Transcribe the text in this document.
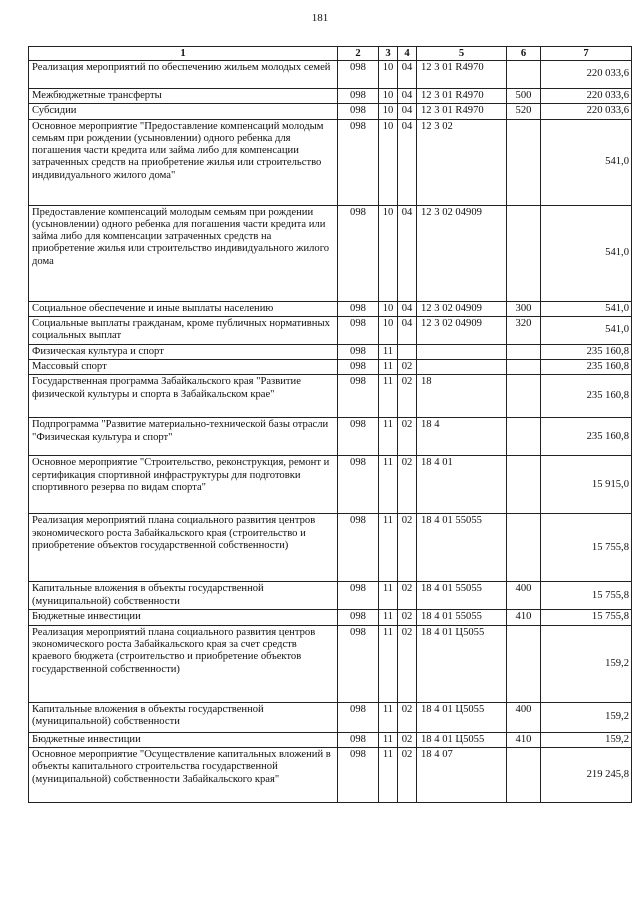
181
1	2	3	4	5	6	7
Реализация мероприятий по обеспечению жильем молодых семей	098	10	04	12 3 01 R4970		220 033,6
Межбюджетные трансферты	098	10	04	12 3 01 R4970	500	220 033,6
Субсидии	098	10	04	12 3 01 R4970	520	220 033,6
Основное мероприятие "Предоставление компенсаций молодым семьям при рождении (усыновлении) одного ребенка для погашения части кредита или займа либо для компенсации затраченных средств на приобретение жилья или строительство индивидуального жилого дома"	098	10	04	12 3 02		541,0
Предоставление компенсаций молодым семьям при рождении (усыновлении) одного ребенка для погашения части кредита или займа либо для компенсации затраченных средств на приобретение жилья или строительство индивидуального жилого дома	098	10	04	12 3 02 04909		541,0
Социальное обеспечение и иные выплаты населению	098	10	04	12 3 02 04909	300	541,0
Социальные выплаты гражданам, кроме публичных нормативных социальных выплат	098	10	04	12 3 02 04909	320	541,0
Физическая культура и спорт	098	11				235 160,8
Массовый спорт	098	11	02			235 160,8
Государственная программа Забайкальского края "Развитие физической культуры и спорта в Забайкальском крае"	098	11	02	18		235 160,8
Подпрограмма "Развитие материально-технической базы отрасли "Физическая культура и спорт"	098	11	02	18 4		235 160,8
Основное мероприятие "Строительство, реконструкция, ремонт и сертификация спортивной инфраструктуры для подготовки спортивного резерва по видам спорта"	098	11	02	18 4 01		15 915,0
Реализация мероприятий плана социального развития центров экономического роста Забайкальского края (строительство и приобретение объектов государственной собственности)	098	11	02	18 4 01 55055		15 755,8
Капитальные вложения в объекты государственной (муниципальной) собственности	098	11	02	18 4 01 55055	400	15 755,8
Бюджетные инвестиции	098	11	02	18 4 01 55055	410	15 755,8
Реализация мероприятий плана социального развития центров экономического роста Забайкальского края за счет средств краевого бюджета (строительство и приобретение объектов государственной собственности)	098	11	02	18 4 01 Ц5055		159,2
Капитальные вложения в объекты государственной (муниципальной) собственности	098	11	02	18 4 01 Ц5055	400	159,2
Бюджетные инвестиции	098	11	02	18 4 01 Ц5055	410	159,2
Основное мероприятие "Осуществление капитальных вложений в объекты капитального строительства государственной (муниципальной) собственности Забайкальского края"	098	11	02	18 4 07		219 245,8
